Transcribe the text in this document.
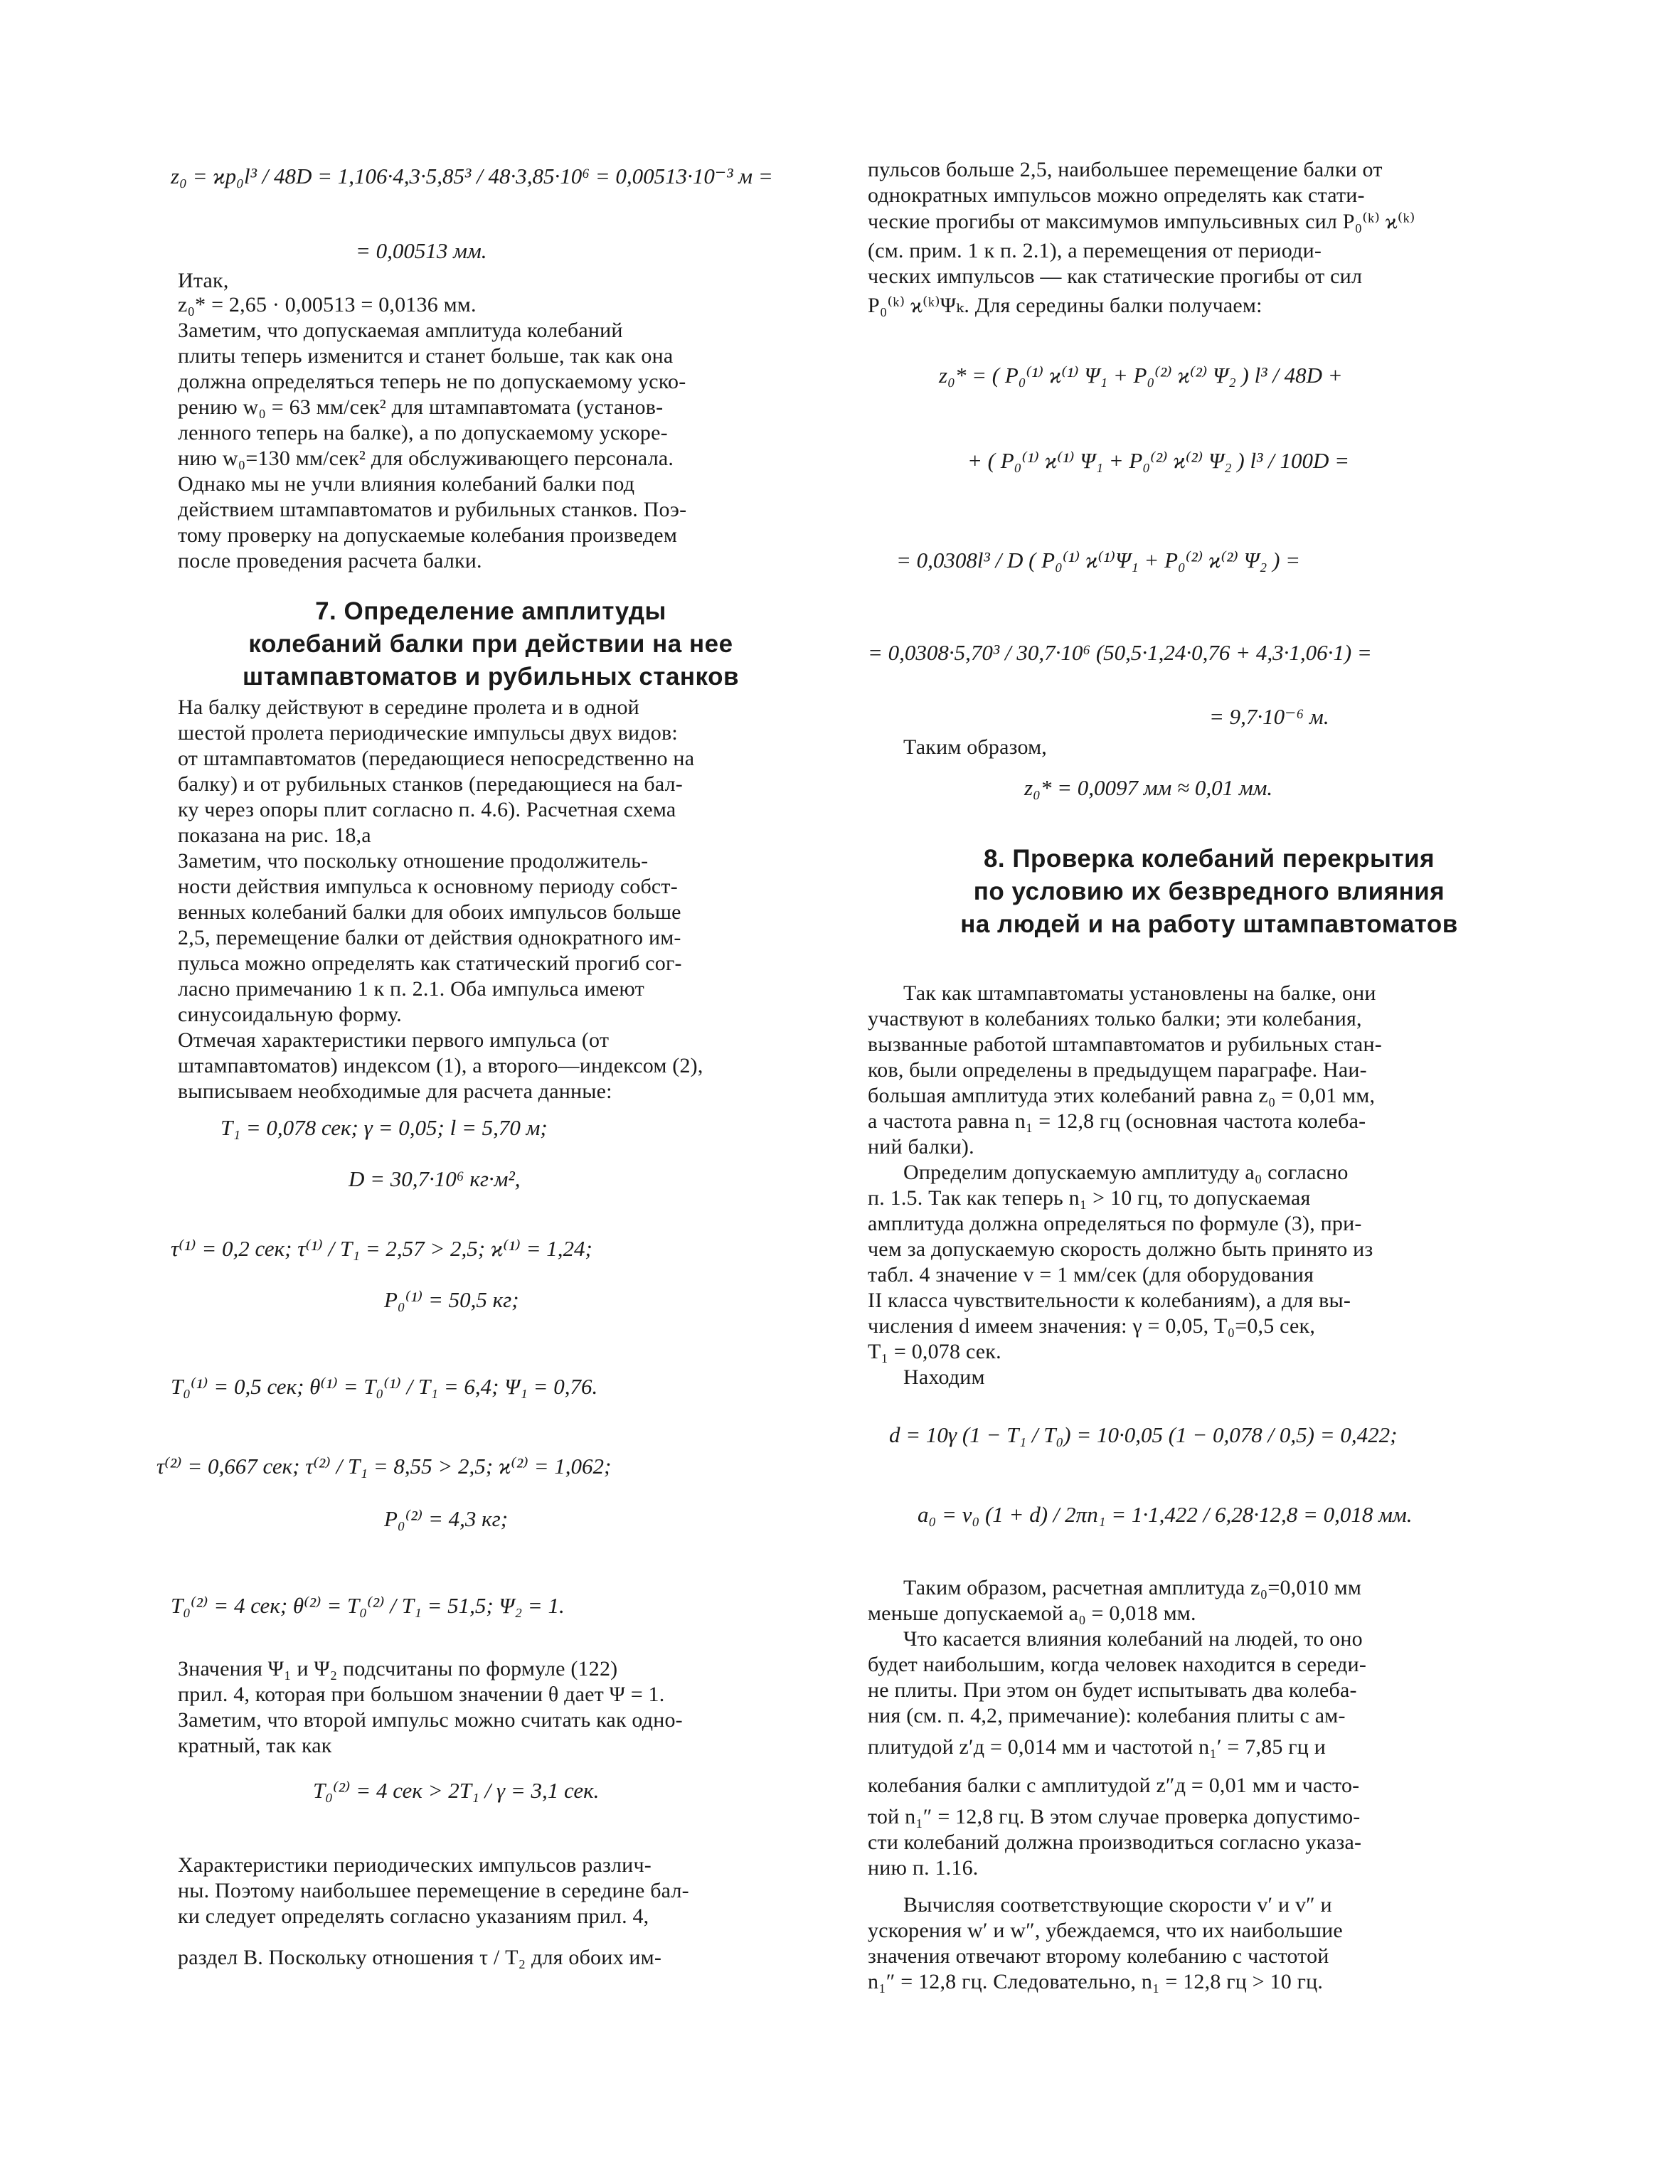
7. Определение амплитуды
колебаний балки при действии на нее
штампавтоматов и рубильных станков
z₀ = ϰp₀l³ / 48D = 1,106·4,3·5,85³ / 48·3,85·10⁶ = 0,00513·10⁻³ м =
= 0,00513 мм.
Итак,
z₀* = 2,65 · 0,00513 = 0,0136 мм.
Заметим, что допускаемая амплитуда колебаний
плиты теперь изменится и станет больше, так как она
должна определяться теперь не по допускаемому уско-
рению w₀ = 63 мм/сек² для штампавтомата (установ-
ленного теперь на балке), а по допускаемому ускоре-
нию w₀=130 мм/сек² для обслуживающего персонала.
Однако мы не учли влияния колебаний балки под
действием штампавтоматов и рубильных станков. Поэ-
тому проверку на допускаемые колебания произведем
после проведения расчета балки.
На балку действуют в середине пролета и в одной
шестой пролета периодические импульсы двух видов:
от штампавтоматов (передающиеся непосредственно на
балку) и от рубильных станков (передающиеся на бал-
ку через опоры плит согласно п. 4.6). Расчетная схема
показана на рис. 18,а
Заметим, что поскольку отношение продолжитель-
ности действия импульса к основному периоду собст-
венных колебаний балки для обоих импульсов больше
2,5, перемещение балки от действия однократного им-
пульса можно определять как статический прогиб сог-
ласно примечанию 1 к п. 2.1. Оба импульса имеют
синусоидальную форму.
Отмечая характеристики первого импульса (от
штампавтоматов) индексом (1), а второго—индексом (2),
выписываем необходимые для расчета данные:
T₁ = 0,078 сек; γ = 0,05; l = 5,70 м;
D = 30,7·10⁶ кг·м²,
τ⁽¹⁾ = 0,2 сек; τ⁽¹⁾ / T₁ = 2,57 > 2,5; ϰ⁽¹⁾ = 1,24;
P₀⁽¹⁾ = 50,5 кг;
T₀⁽¹⁾ = 0,5 сек; θ⁽¹⁾ = T₀⁽¹⁾ / T₁ = 6,4; Ψ₁ = 0,76.
τ⁽²⁾ = 0,667 сек; τ⁽²⁾ / T₁ = 8,55 > 2,5; ϰ⁽²⁾ = 1,062;
P₀⁽²⁾ = 4,3 кг;
T₀⁽²⁾ = 4 сек; θ⁽²⁾ = T₀⁽²⁾ / T₁ = 51,5; Ψ₂ = 1.
Значения Ψ₁ и Ψ₂ подсчитаны по формуле (122)
прил. 4, которая при большом значении θ дает Ψ = 1.
Заметим, что второй импульс можно считать как одно-
кратный, так как
T₀⁽²⁾ = 4 сек > 2T₁ / γ = 3,1 сек.
Характеристики периодических импульсов различ-
ны. Поэтому наибольшее перемещение в середине бал-
ки следует определять согласно указаниям прил. 4,
раздел В. Поскольку отношения τ / T₂ для обоих им-
8. Проверка колебаний перекрытия
по условию их безвредного влияния
на людей и на работу штампавтоматов
пульсов больше 2,5, наибольшее перемещение балки от
однократных импульсов можно определять как стати-
ческие прогибы от максимумов импульсивных сил P₀⁽ᵏ⁾ ϰ⁽ᵏ⁾
(см. прим. 1 к п. 2.1), а перемещения от периоди-
ческих импульсов — как статические прогибы от сил
P₀⁽ᵏ⁾ ϰ⁽ᵏ⁾Ψₖ. Для середины балки получаем:
z₀* = ( P₀⁽¹⁾ ϰ⁽¹⁾ Ψ₁ + P₀⁽²⁾ ϰ⁽²⁾ Ψ₂ ) l³ / 48D +
+ ( P₀⁽¹⁾ ϰ⁽¹⁾ Ψ₁ + P₀⁽²⁾ ϰ⁽²⁾ Ψ₂ ) l³ / 100D =
= 0,0308l³ / D ( P₀⁽¹⁾ ϰ⁽¹⁾Ψ₁ + P₀⁽²⁾ ϰ⁽²⁾ Ψ₂ ) =
= 0,0308·5,70³ / 30,7·10⁶ (50,5·1,24·0,76 + 4,3·1,06·1) =
= 9,7·10⁻⁶ м.
Таким образом,
z₀* = 0,0097 мм ≈ 0,01 мм.
Так как штампавтоматы установлены на балке, они
участвуют в колебаниях только балки; эти колебания,
вызванные работой штампавтоматов и рубильных стан-
ков, были определены в предыдущем параграфе. Наи-
большая амплитуда этих колебаний равна z₀ = 0,01 мм,
а частота равна n₁ = 12,8 гц (основная частота колеба-
ний балки).
Определим допускаемую амплитуду a₀ согласно
п. 1.5. Так как теперь n₁ > 10 гц, то допускаемая
амплитуда должна определяться по формуле (3), при-
чем за допускаемую скорость должно быть принято из
табл. 4 значение v = 1 мм/сек (для оборудования
II класса чувствительности к колебаниям), а для вы-
числения d имеем значения: γ = 0,05, T₀=0,5 сек,
T₁ = 0,078 сек.
Находим
d = 10γ (1 − T₁ / T₀) = 10·0,05 (1 − 0,078 / 0,5) = 0,422;
a₀ = v₀ (1 + d) / 2πn₁ = 1·1,422 / 6,28·12,8 = 0,018 мм.
Таким образом, расчетная амплитуда z₀=0,010 мм
меньше допускаемой a₀ = 0,018 мм.
Что касается влияния колебаний на людей, то оно
будет наибольшим, когда человек находится в середи-
не плиты. При этом он будет испытывать два колеба-
ния (см. п. 4,2, примечание): колебания плиты с ам-
плитудой z′д = 0,014 мм и частотой n₁′ = 7,85 гц и
колебания балки с амплитудой z″д = 0,01 мм и часто-
той n₁″ = 12,8 гц. В этом случае проверка допустимо-
сти колебаний должна производиться согласно указа-
нию п. 1.16.
Вычисляя соответствующие скорости v′ и v″ и
ускорения w′ и w″, убеждаемся, что их наибольшие
значения отвечают второму колебанию с частотой
n₁″ = 12,8 гц. Следовательно, n₁ = 12,8 гц > 10 гц.
